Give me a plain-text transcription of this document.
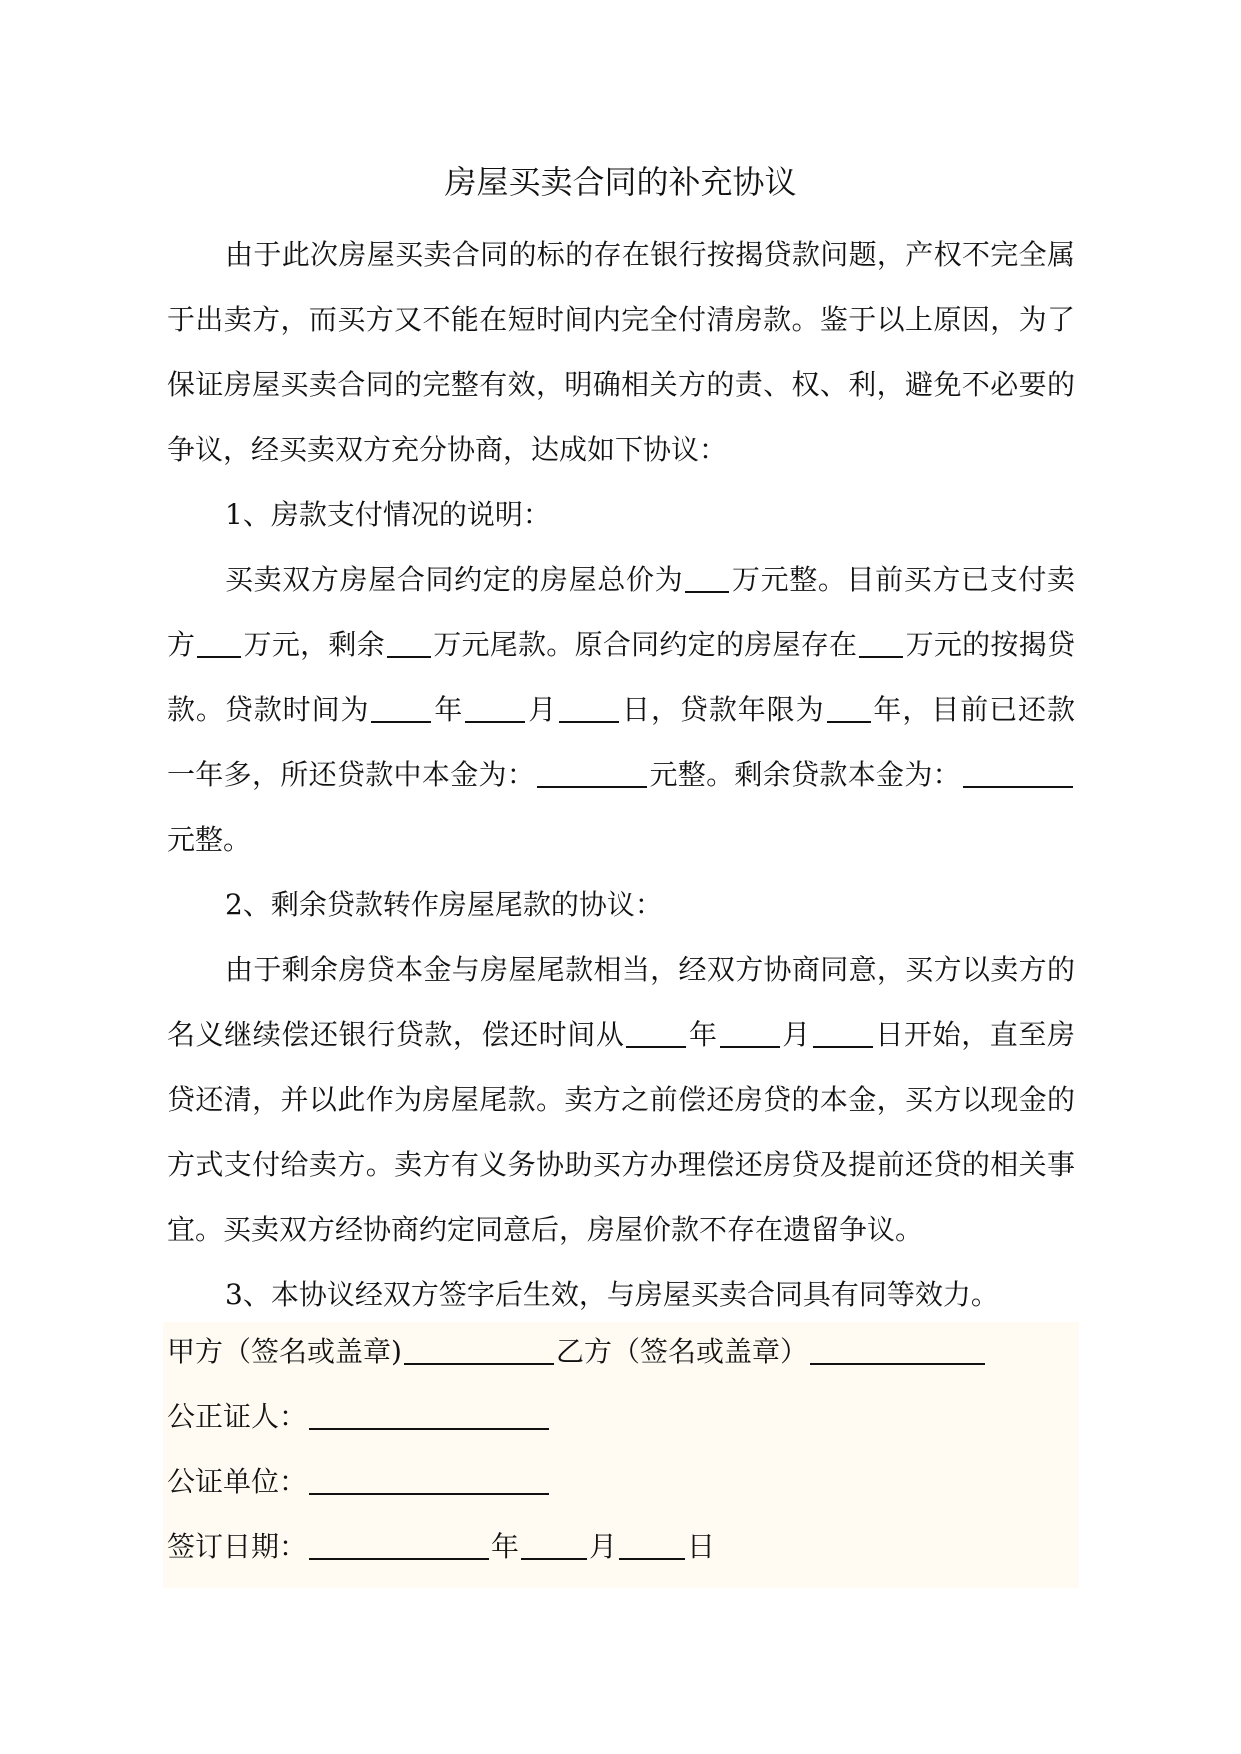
房屋买卖合同的补充协议

由于此次房屋买卖合同的标的存在银行按揭贷款问题，产权不完全属于出卖方，而买方又不能在短时间内完全付清房款。鉴于以上原因，为了保证房屋买卖合同的完整有效，明确相关方的责、权、利，避免不必要的争议，经买卖双方充分协商，达成如下协议：

1、房款支付情况的说明：

买卖双方房屋合同约定的房屋总价为 万元整。目前买方已支付卖方 万元，剩余 万元尾款。原合同约定的房屋存在 万元的按揭贷款。贷款时间为 年 月 日，贷款年限为 年，目前已还款一年多，所还贷款中本金为：	元整。剩余贷款本金为：元整。

2、剩余贷款转作房屋尾款的协议：

由于剩余房贷本金与房屋尾款相当，经双方协商同意，买方以卖方的名义继续偿还银行贷款，偿还时间从 年 月 日开始，直至房贷还清，并以此作为房屋尾款。卖方之前偿还房贷的本金，买方以现金的方式支付给卖方。卖方有义务协助买方办理偿还房贷及提前还贷的相关事宜。买卖双方经协商约定同意后，房屋价款不存在遗留争议。

3、本协议经双方签字后生效，与房屋买卖合同具有同等效力。

甲方（签名或盖章)	乙方（签名或盖章）
公正证人：
公证单位：
签订日期：	年	月	日
